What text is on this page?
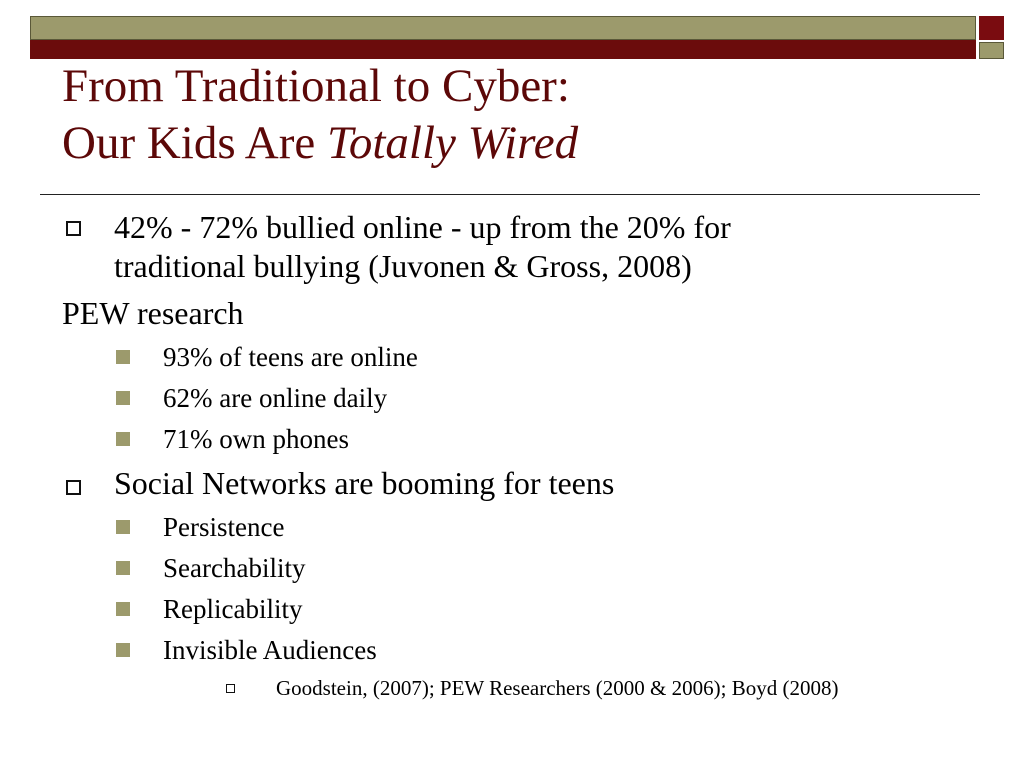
From Traditional to Cyber:
Our Kids Are Totally Wired
42% - 72% bullied online - up from the 20% for
traditional bullying (Juvonen & Gross, 2008)
PEW research
93% of teens are online
62% are online daily
71% own phones
Social Networks are booming for teens
Persistence
Searchability
Replicability
Invisible Audiences
Goodstein, (2007); PEW Researchers (2000 & 2006); Boyd (2008)
